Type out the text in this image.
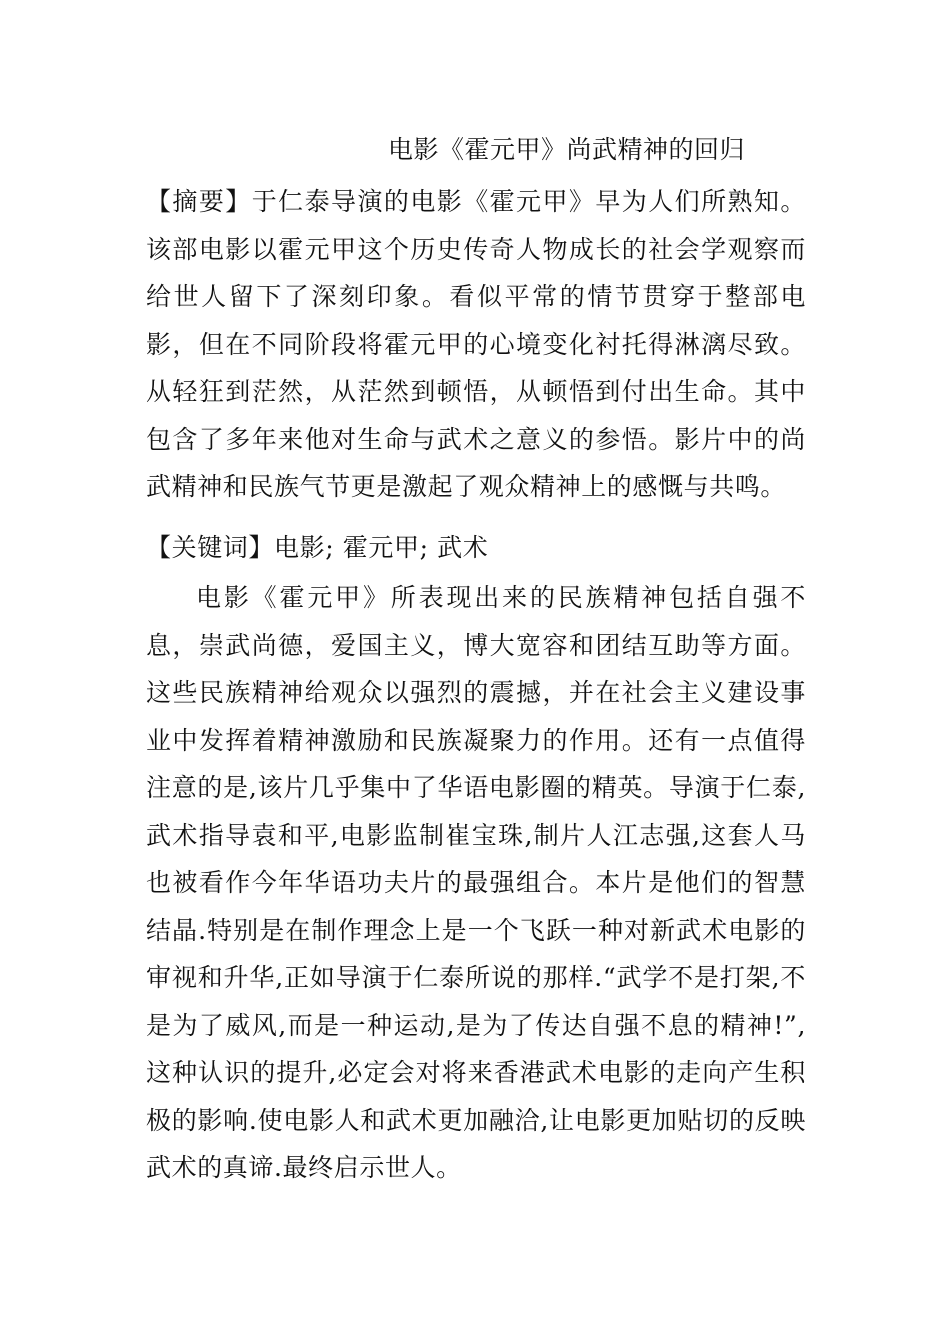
电影《霍元甲》尚武精神的回归

【摘要】于仁泰导演的电影《霍元甲》早为人们所熟知。该部电影以霍元甲这个历史传奇人物成长的社会学观察而给世人留下了深刻印象。看似平常的情节贯穿于整部电影，但在不同阶段将霍元甲的心境变化衬托得淋漓尽致。从轻狂到茫然，从茫然到顿悟，从顿悟到付出生命。其中包含了多年来他对生命与武术之意义的参悟。影片中的尚武精神和民族气节更是激起了观众精神上的感慨与共鸣。

【关键词】电影; 霍元甲; 武术

电影《霍元甲》所表现出来的民族精神包括自强不息，崇武尚德，爱国主义，博大宽容和团结互助等方面。这些民族精神给观众以强烈的震撼，并在社会主义建设事业中发挥着精神激励和民族凝聚力的作用。还有一点值得注意的是,该片几乎集中了华语电影圈的精英。导演于仁泰,武术指导袁和平,电影监制崔宝珠,制片人江志强,这套人马也被看作今年华语功夫片的最强组合。本片是他们的智慧结晶.特别是在制作理念上是一个飞跃一种对新武术电影的审视和升华,正如导演于仁泰所说的那样.“武学不是打架,不是为了威风,而是一种运动,是为了传达自强不息的精神!”,这种认识的提升,必定会对将来香港武术电影的走向产生积极的影响.使电影人和武术更加融洽,让电影更加贴切的反映武术的真谛.最终启示世人。
